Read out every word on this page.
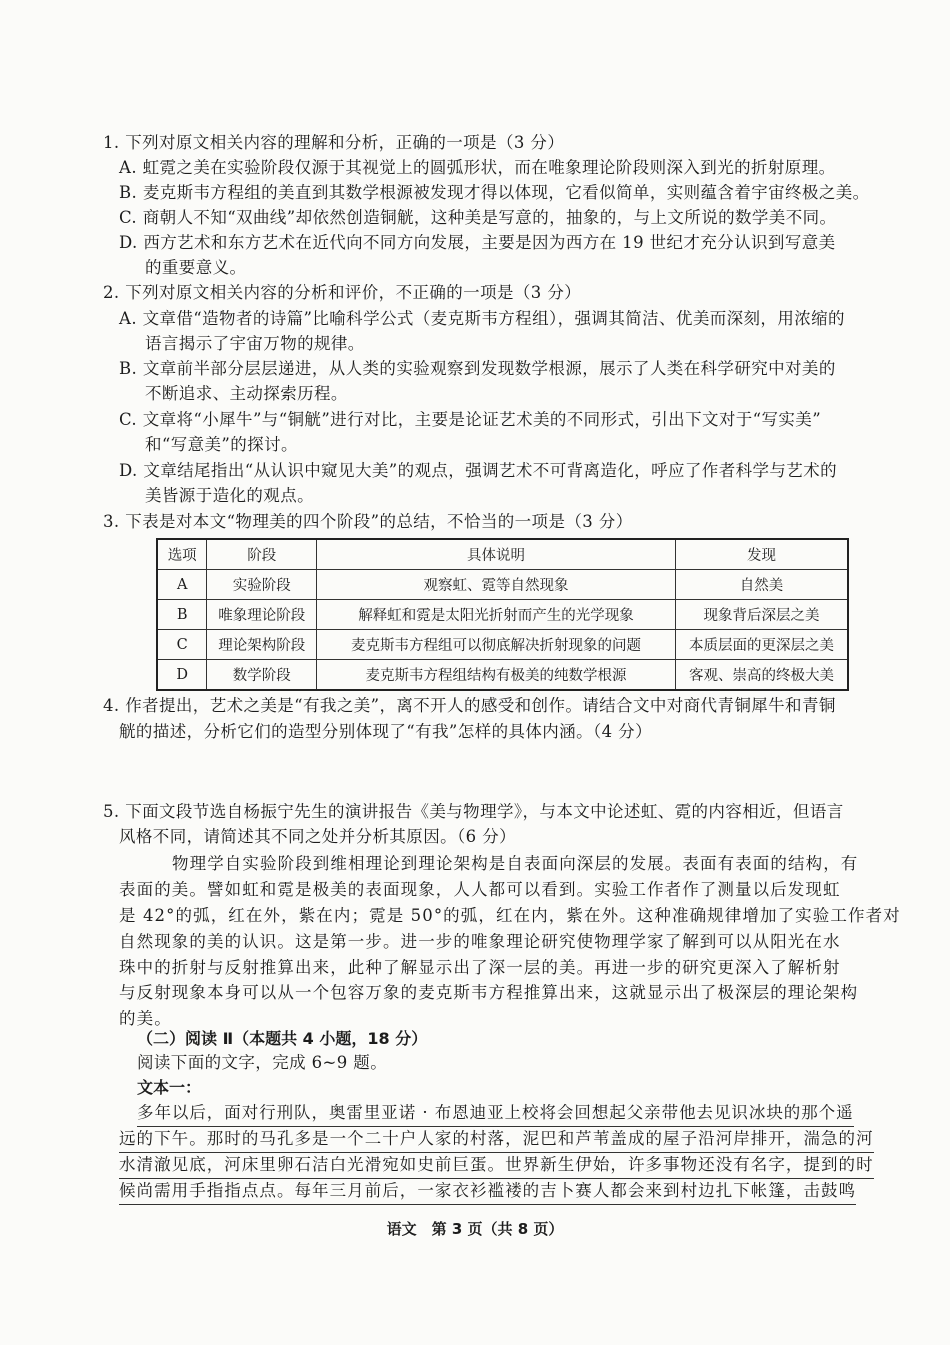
1. 下列对原文相关内容的理解和分析，正确的一项是（3 分）
A. 虹霓之美在实验阶段仅源于其视觉上的圆弧形状，而在唯象理论阶段则深入到光的折射原理。
B. 麦克斯韦方程组的美直到其数学根源被发现才得以体现，它看似简单，实则蕴含着宇宙终极之美。
C. 商朝人不知“双曲线”却依然创造铜觥，这种美是写意的，抽象的，与上文所说的数学美不同。
D. 西方艺术和东方艺术在近代向不同方向发展，主要是因为西方在 19 世纪才充分认识到写意美
的重要意义。
2. 下列对原文相关内容的分析和评价，不正确的一项是（3 分）
A. 文章借“造物者的诗篇”比喻科学公式（麦克斯韦方程组），强调其简洁、优美而深刻，用浓缩的
语言揭示了宇宙万物的规律。
B. 文章前半部分层层递进，从人类的实验观察到发现数学根源，展示了人类在科学研究中对美的
不断追求、主动探索历程。
C. 文章将“小犀牛”与“铜觥”进行对比，主要是论证艺术美的不同形式，引出下文对于“写实美”
和“写意美”的探讨。
D. 文章结尾指出“从认识中窥见大美”的观点，强调艺术不可背离造化，呼应了作者科学与艺术的
美皆源于造化的观点。
3. 下表是对本文“物理美的四个阶段”的总结，不恰当的一项是（3 分）
选项	阶段	具体说明	发现
A	实验阶段	观察虹、霓等自然现象	自然美
B	唯象理论阶段	解释虹和霓是太阳光折射而产生的光学现象	现象背后深层之美
C	理论架构阶段	麦克斯韦方程组可以彻底解决折射现象的问题	本质层面的更深层之美
D	数学阶段	麦克斯韦方程组结构有极美的纯数学根源	客观、崇高的终极大美
4. 作者提出，艺术之美是“有我之美”，离不开人的感受和创作。请结合文中对商代青铜犀牛和青铜
觥的描述，分析它们的造型分别体现了“有我”怎样的具体内涵。（4 分）
5. 下面文段节选自杨振宁先生的演讲报告《美与物理学》，与本文中论述虹、霓的内容相近，但语言
风格不同，请简述其不同之处并分析其原因。（6 分）
物理学自实验阶段到维相理论到理论架构是自表面向深层的发展。表面有表面的结构，有
表面的美。譬如虹和霓是极美的表面现象，人人都可以看到。实验工作者作了测量以后发现虹
是 42°的弧，红在外，紫在内；霓是 50°的弧，红在内，紫在外。这种准确规律增加了实验工作者对
自然现象的美的认识。这是第一步。进一步的唯象理论研究使物理学家了解到可以从阳光在水
珠中的折射与反射推算出来，此种了解显示出了深一层的美。再进一步的研究更深入了解析射
与反射现象本身可以从一个包容万象的麦克斯韦方程推算出来，这就显示出了极深层的理论架构
的美。
（二）阅读 Ⅱ（本题共 4 小题，18 分）
阅读下面的文字，完成 6~9 题。
文本一：
多年以后，面对行刑队，奥雷里亚诺 · 布恩迪亚上校将会回想起父亲带他去见识冰块的那个遥
远的下午。那时的马孔多是一个二十户人家的村落，泥巴和芦苇盖成的屋子沿河岸排开，湍急的河
水清澈见底，河床里卵石洁白光滑宛如史前巨蛋。世界新生伊始，许多事物还没有名字，提到的时
候尚需用手指指点点。每年三月前后，一家衣衫褴褛的吉卜赛人都会来到村边扎下帐篷，击鼓鸣
语文　第 3 页（共 8 页）
